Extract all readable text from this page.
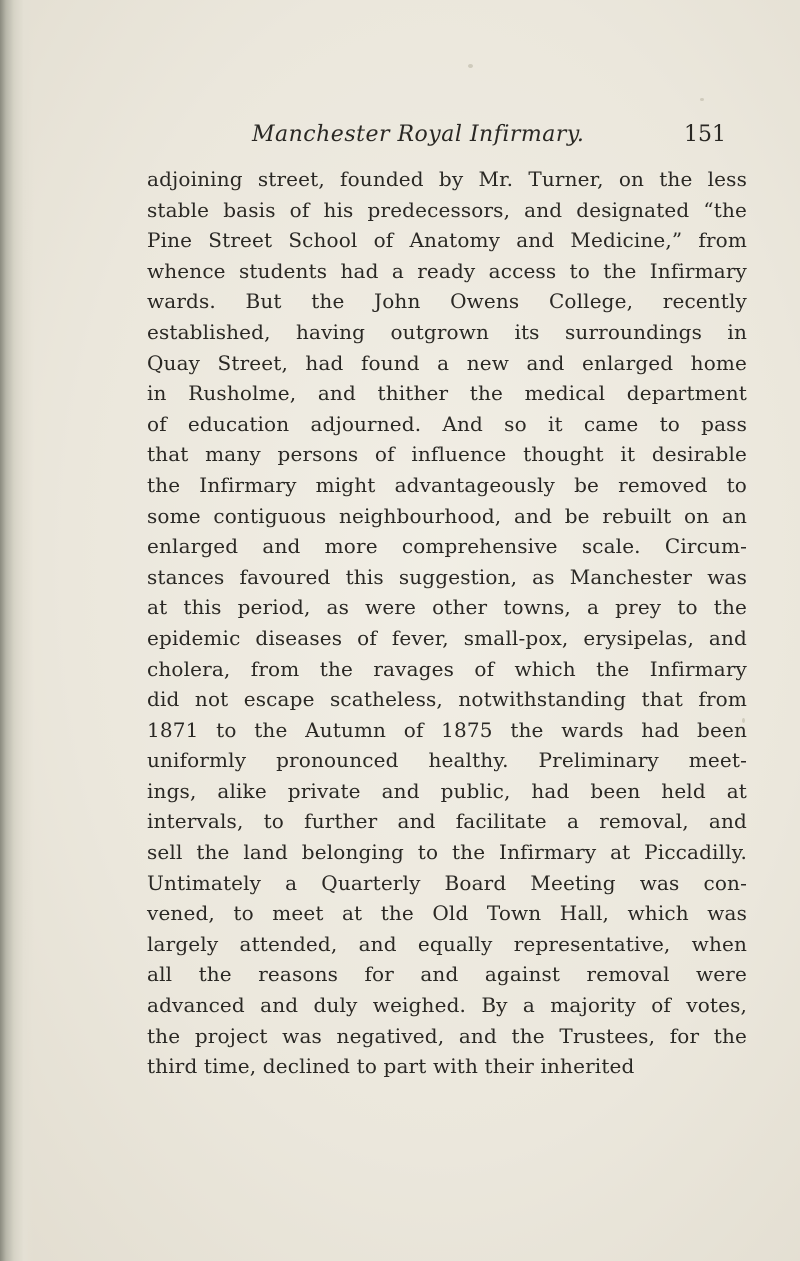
Manchester Royal Infirmary.	151
adjoining street, founded by Mr. Turner, on the less
stable basis of his predecessors, and designated “the
Pine Street School of Anatomy and Medicine,” from
whence students had a ready access to the Infirmary
wards. But the John Owens College, recently
established, having outgrown its surroundings in
Quay Street, had found a new and enlarged home
in Rusholme, and thither the medical department
of education adjourned. And so it came to pass
that many persons of influence thought it desirable
the Infirmary might advantageously be removed to
some contiguous neighbourhood, and be rebuilt on an
enlarged and more comprehensive scale. Circum-
stances favoured this suggestion, as Manchester was
at this period, as were other towns, a prey to the
epidemic diseases of fever, small-pox, erysipelas, and
cholera, from the ravages of which the Infirmary
did not escape scatheless, notwithstanding that from
1871 to the Autumn of 1875 the wards had been
uniformly pronounced healthy. Preliminary meet-
ings, alike private and public, had been held at
intervals, to further and facilitate a removal, and
sell the land belonging to the Infirmary at Piccadilly.
Untimately a Quarterly Board Meeting was con-
vened, to meet at the Old Town Hall, which was
largely attended, and equally representative, when
all the reasons for and against removal were
advanced and duly weighed. By a majority of votes,
the project was negatived, and the Trustees, for the
third time, declined to part with their inherited
